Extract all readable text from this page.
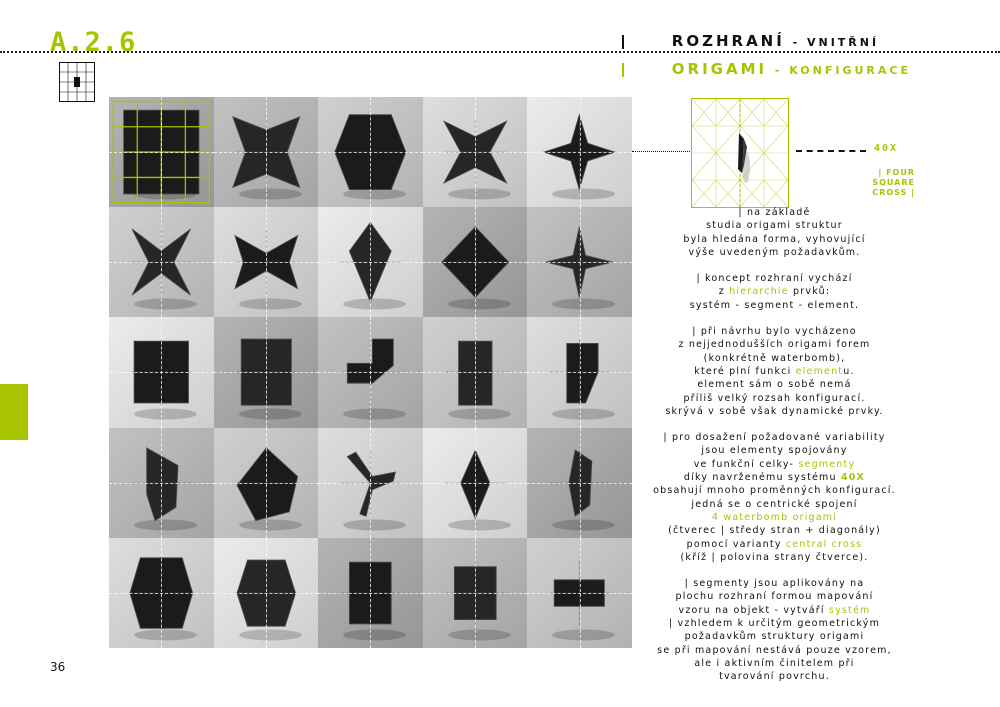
A.2.6	ROZHRANÍ - VNITŘNÍ
ORIGAMI - KONFIGURACE
36
40X
| FOUR
SQUARE
CROSS |

| na základě
studia origami struktur
byla hledána forma, vyhovující
výše uvedeným požadavkům.

| koncept rozhraní vychází
z hierarchie prvků:
systém - segment - element.

| při návrhu bylo vycházeno
z nejjednodušších origami forem
(konkrétně waterbomb),
které plní funkci elementu.
element sám o sobě nemá
příliš velký rozsah konfigurací.
skrývá v sobě však dynamické prvky.

| pro dosažení požadované variability
jsou elementy spojovány
ve funkční celky- segmenty
díky navrženému systému 40X
obsahují mnoho proměnných konfigurací.
jedná se o centrické spojení
4 waterbomb origami
(čtverec | středy stran + diagonály)
pomocí varianty central cross
(kříž | polovina strany čtverce).

| segmenty jsou aplikovány na
plochu rozhraní formou mapování
vzoru na objekt - vytváří systém
| vzhledem k určitým geometrickým
požadavkům struktury origami
se při mapování nestává pouze vzorem,
ale i aktivním činitelem při
tvarování povrchu.
